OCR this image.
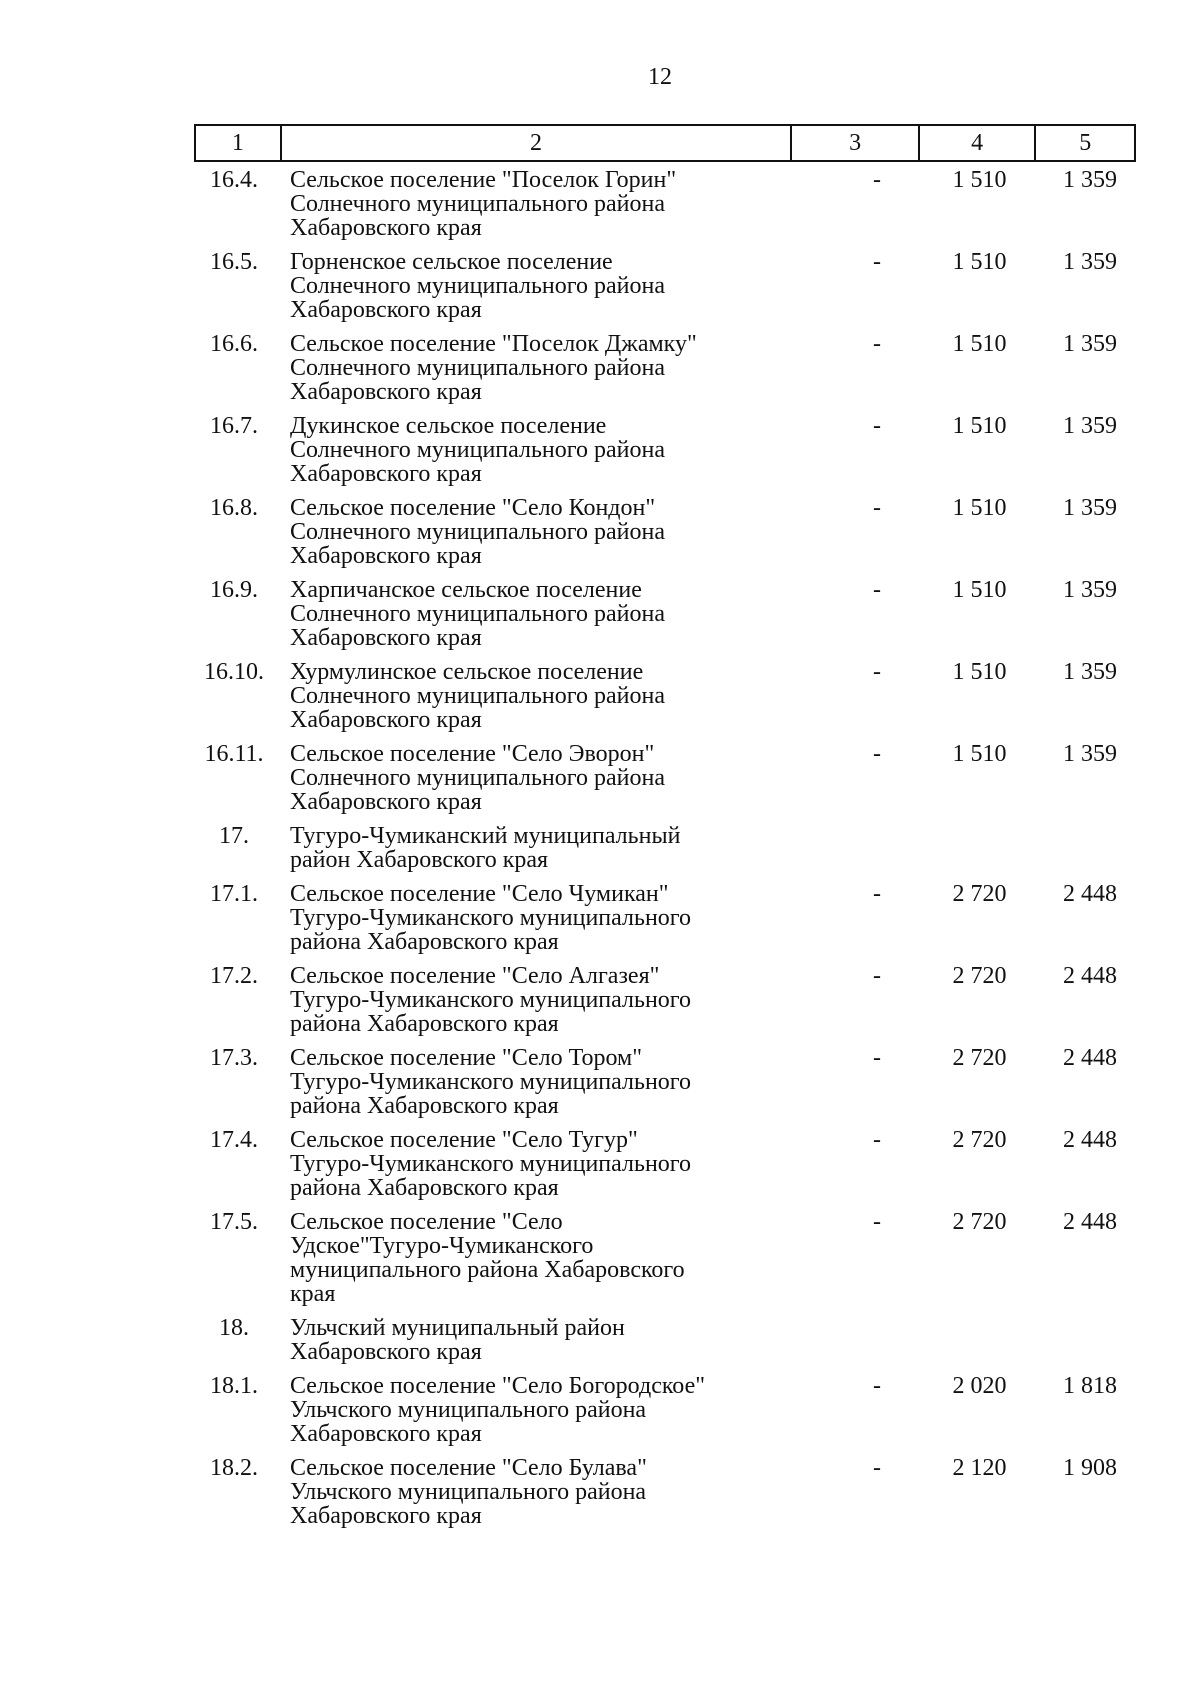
12
1	2	3	4	5
16.4.	Сельское поселение "Поселок Горин"
Солнечного муниципального района
Хабаровского края
-	1 510	1 359
16.5.	Горненское сельское поселение
Солнечного муниципального района
Хабаровского края
-	1 510	1 359
16.6.	Сельское поселение "Поселок Джамку"
Солнечного муниципального района
Хабаровского края
-	1 510	1 359
16.7.	Дукинское сельское поселение
Солнечного муниципального района
Хабаровского края
-	1 510	1 359
16.8.	Сельское поселение "Село Кондон"
Солнечного муниципального района
Хабаровского края
-	1 510	1 359
16.9.	Харпичанское сельское поселение
Солнечного муниципального района
Хабаровского края
-	1 510	1 359
16.10.	Хурмулинское сельское поселение
Солнечного муниципального района
Хабаровского края
-	1 510	1 359
16.11.	Сельское поселение "Село Эворон"
Солнечного муниципального района
Хабаровского края
-	1 510	1 359
17.	Тугуро-Чумиканский муниципальный
район Хабаровского края
17.1.	Сельское поселение "Село Чумикан"
Тугуро-Чумиканского муниципального
района Хабаровского края
-	2 720	2 448
17.2.	Сельское поселение "Село Алгазея"
Тугуро-Чумиканского муниципального
района Хабаровского края
-	2 720	2 448
17.3.	Сельское поселение "Село Тором"
Тугуро-Чумиканского муниципального
района Хабаровского края
-	2 720	2 448
17.4.	Сельское поселение "Село Тугур"
Тугуро-Чумиканского муниципального
района Хабаровского края
-	2 720	2 448
17.5.	Сельское поселение "Село
Удское"Тугуро-Чумиканского
муниципального района Хабаровского
края
-	2 720	2 448
18.	Ульчский муниципальный район
Хабаровского края
18.1.	Сельское поселение "Село Богородское"
Ульчского муниципального района
Хабаровского края
-	2 020	1 818
18.2.	Сельское поселение "Село Булава"
Ульчского муниципального района
Хабаровского края
-	2 120	1 908
